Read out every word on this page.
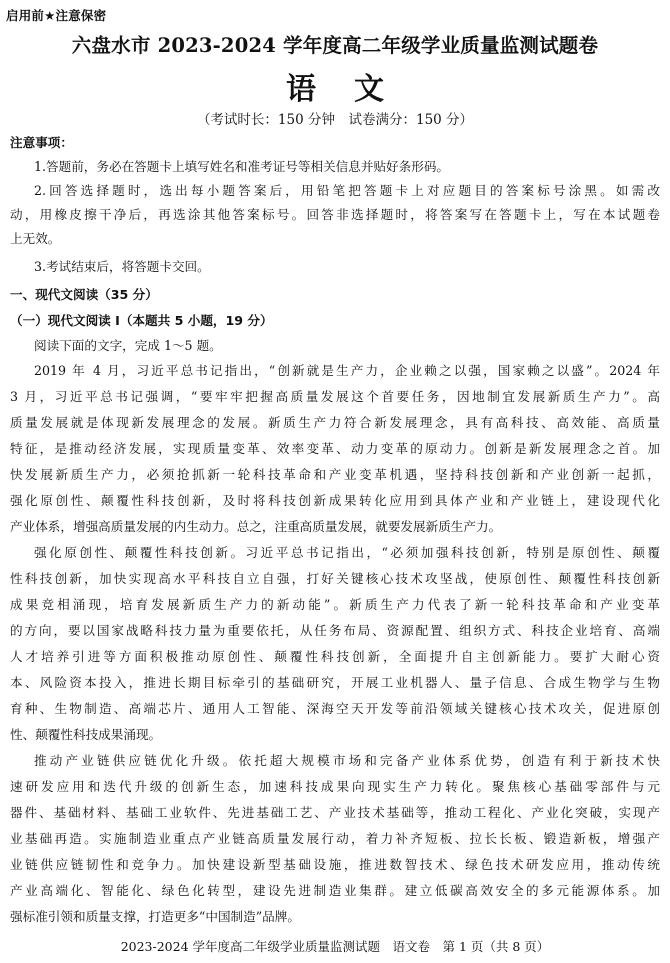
启用前★注意保密
六盘水市 2023-2024 学年度高二年级学业质量监测试题卷
语文
（考试时长：150 分钟　试卷满分：150 分）
注意事项：
1.答题前，务必在答题卡上填写姓名和准考证号等相关信息并贴好条形码。
2.回答选择题时，选出每小题答案后，用铅笔把答题卡上对应题目的答案标号涂黑。如需改
动，用橡皮擦干净后，再选涂其他答案标号。回答非选择题时，将答案写在答题卡上，写在本试题卷
上无效。
3.考试结束后，将答题卡交回。
一、现代文阅读（35 分）
（一）现代文阅读 Ⅰ（本题共 5 小题，19 分）
阅读下面的文字，完成 1～5 题。
2019 年 4 月，习近平总书记指出，“创新就是生产力，企业赖之以强，国家赖之以盛”。2024 年
3 月，习近平总书记强调，“要牢牢把握高质量发展这个首要任务，因地制宜发展新质生产力”。高
质量发展就是体现新发展理念的发展。新质生产力符合新发展理念，具有高科技、高效能、高质量
特征，是推动经济发展，实现质量变革、效率变革、动力变革的原动力。创新是新发展理念之首。加
快发展新质生产力，必须抢抓新一轮科技革命和产业变革机遇，坚持科技创新和产业创新一起抓，
强化原创性、颠覆性科技创新，及时将科技创新成果转化应用到具体产业和产业链上，建设现代化
产业体系，增强高质量发展的内生动力。总之，注重高质量发展，就要发展新质生产力。
强化原创性、颠覆性科技创新。习近平总书记指出，“必须加强科技创新，特别是原创性、颠覆
性科技创新，加快实现高水平科技自立自强，打好关键核心技术攻坚战，使原创性、颠覆性科技创新
成果竞相涌现，培育发展新质生产力的新动能”。新质生产力代表了新一轮科技革命和产业变革
的方向，要以国家战略科技力量为重要依托，从任务布局、资源配置、组织方式、科技企业培育、高端
人才培养引进等方面积极推动原创性、颠覆性科技创新，全面提升自主创新能力。要扩大耐心资
本、风险资本投入，推进长期目标牵引的基础研究，开展工业机器人、量子信息、合成生物学与生物
育种、生物制造、高端芯片、通用人工智能、深海空天开发等前沿领域关键核心技术攻关，促进原创
性、颠覆性科技成果涌现。
推动产业链供应链优化升级。依托超大规模市场和完备产业体系优势，创造有利于新技术快
速研发应用和迭代升级的创新生态，加速科技成果向现实生产力转化。聚焦核心基础零部件与元
器件、基础材料、基础工业软件、先进基础工艺、产业技术基础等，推动工程化、产业化突破，实现产
业基础再造。实施制造业重点产业链高质量发展行动，着力补齐短板、拉长长板、锻造新板，增强产
业链供应链韧性和竞争力。加快建设新型基础设施，推进数智技术、绿色技术研发应用，推动传统
产业高端化、智能化、绿色化转型，建设先进制造业集群。建立低碳高效安全的多元能源体系。加
强标准引领和质量支撑，打造更多“中国制造”品牌。
2023-2024 学年度高二年级学业质量监测试题　语文卷　第 1 页（共 8 页）
